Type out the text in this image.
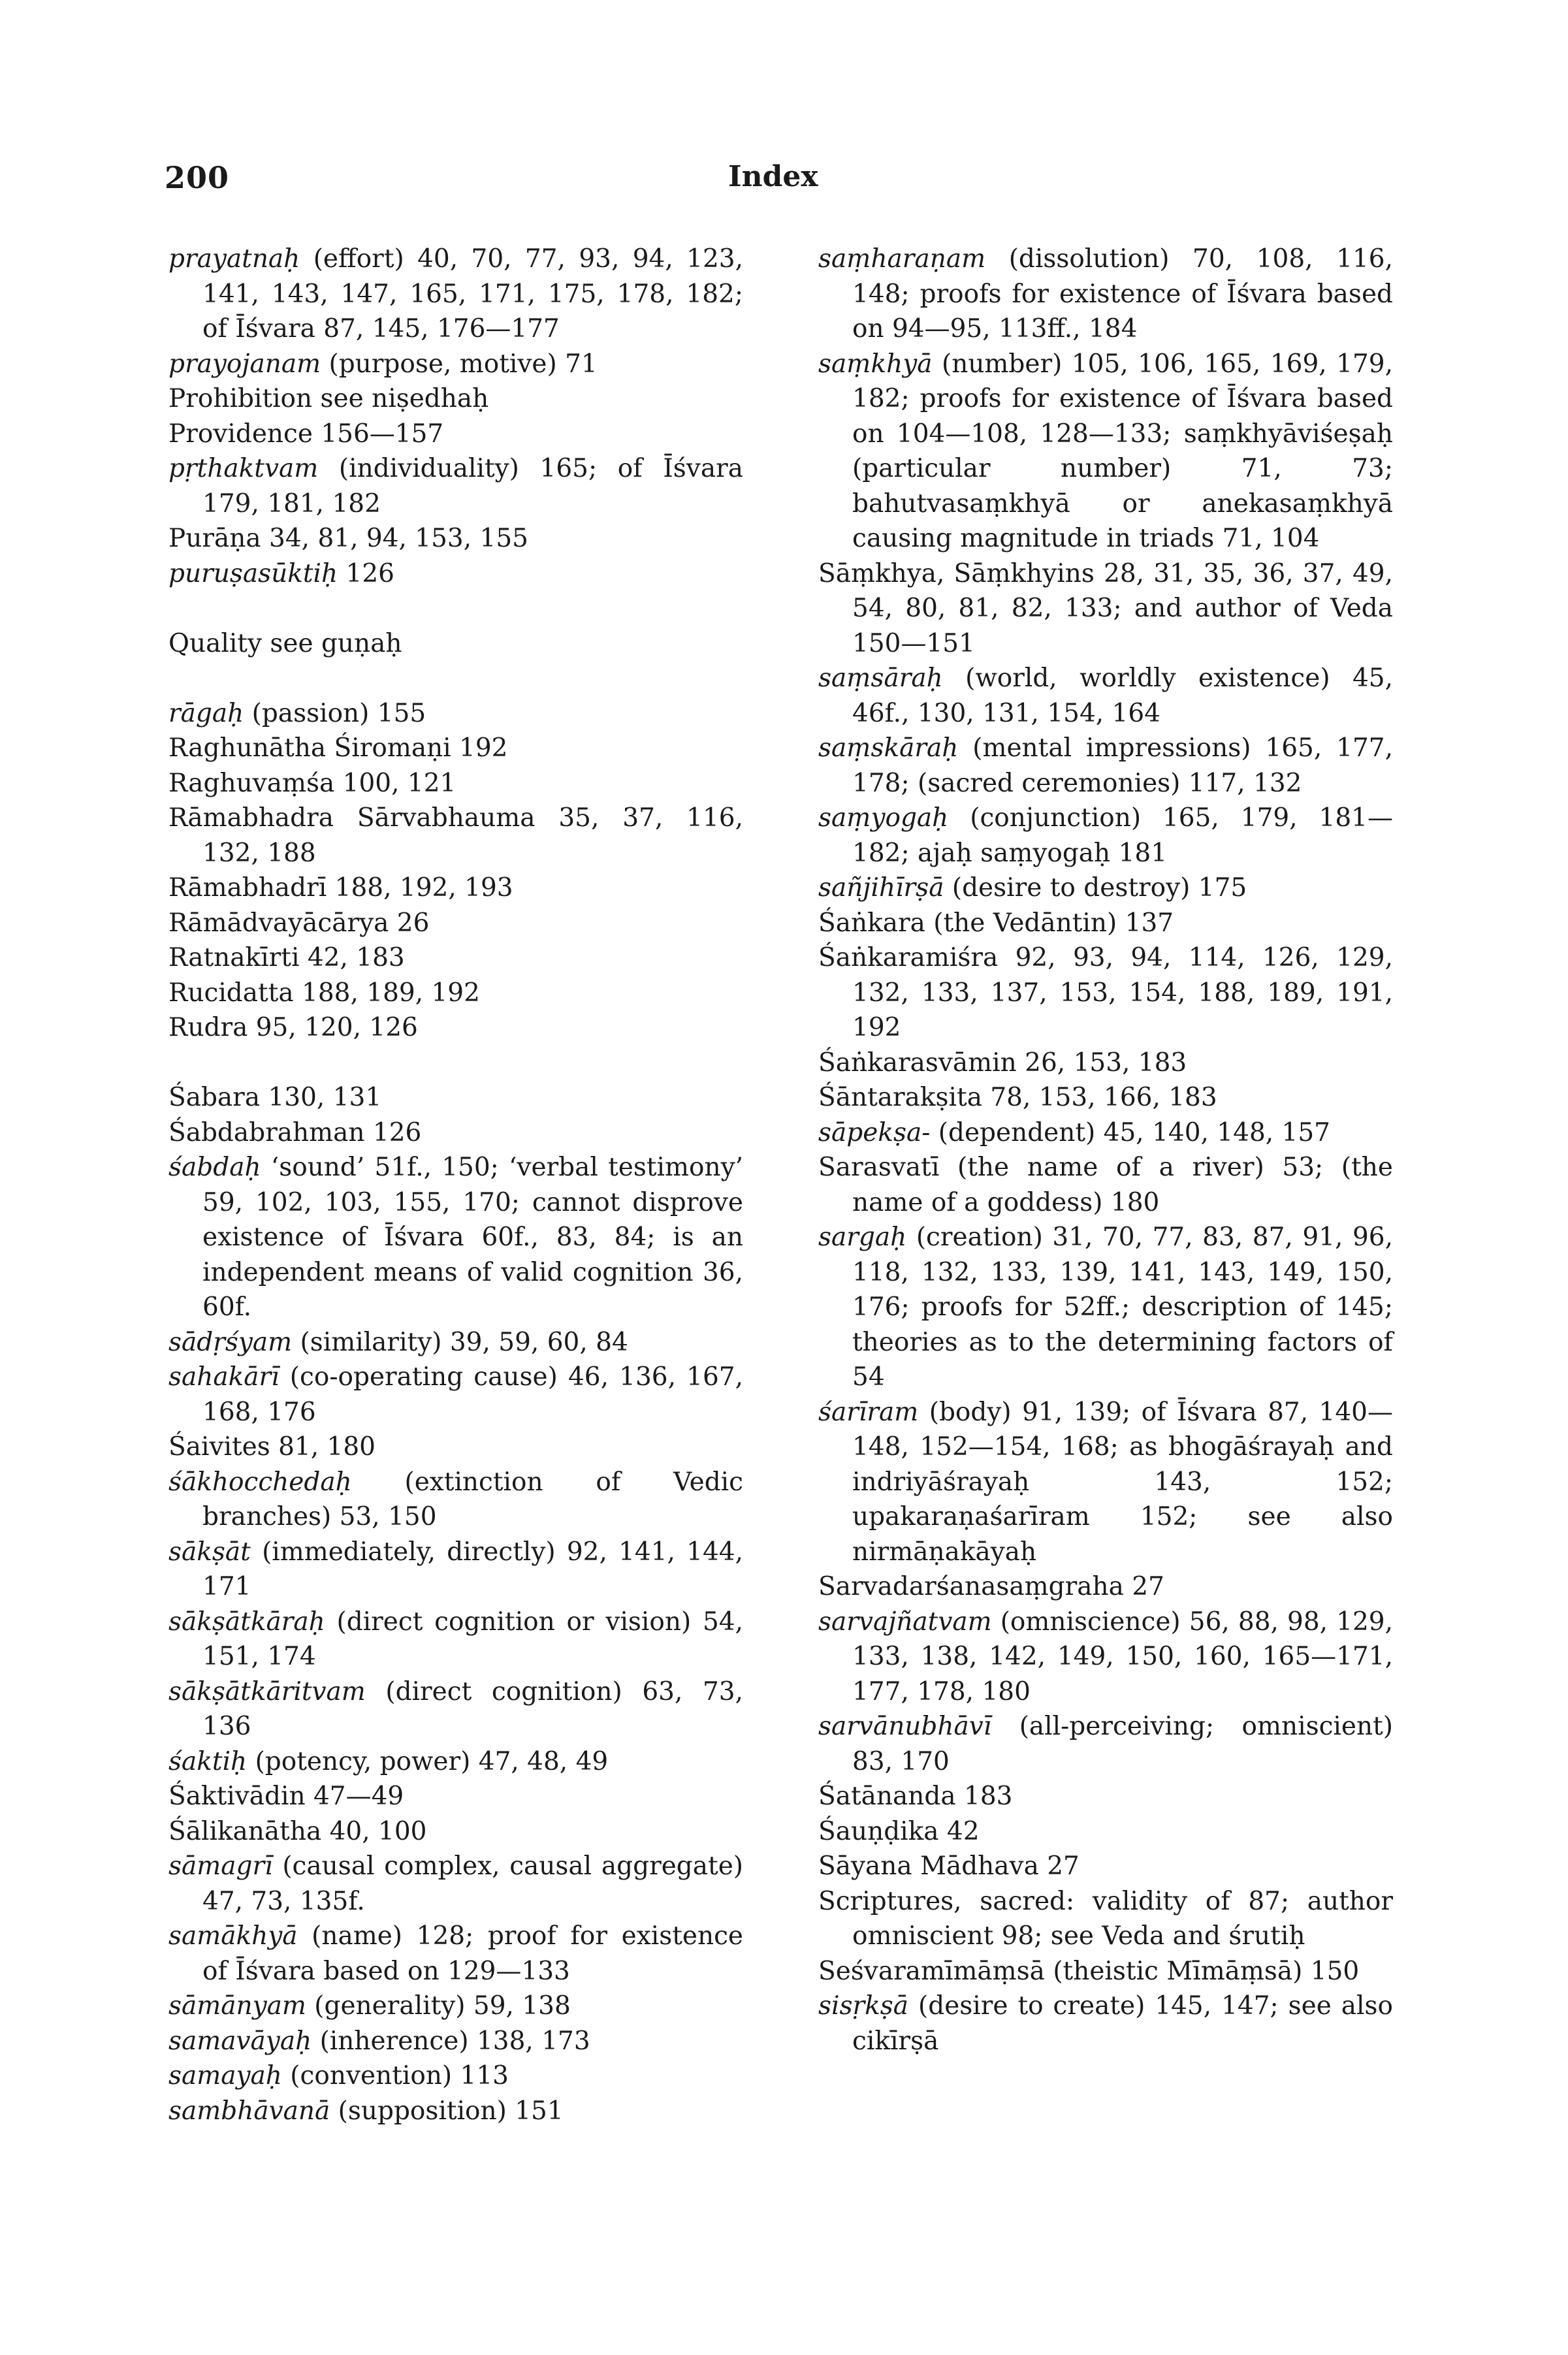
200	Index

prayatnaḥ (effort) 40, 70, 77, 93, 94, 123, 141, 143, 147, 165, 171, 175, 178, 182; of Īśvara 87, 145, 176—177

prayojanam (purpose, motive) 71

Prohibition see niṣedhaḥ

Providence 156—157

pṛthaktvam (individuality) 165; of Īśvara 179, 181, 182

Purāṇa 34, 81, 94, 153, 155

puruṣasūktiḥ 126

Quality see guṇaḥ

rāgaḥ (passion) 155

Raghunātha Śiromaṇi 192

Raghuvaṃśa 100, 121

Rāmabhadra Sārvabhauma 35, 37, 116, 132, 188

Rāmabhadrī 188, 192, 193

Rāmādvayācārya 26

Ratnakīrti 42, 183

Rucidatta 188, 189, 192

Rudra 95, 120, 126

Śabara 130, 131

Śabdabrahman 126

śabdaḥ ‘sound’ 51f., 150; ‘verbal testimony’ 59, 102, 103, 155, 170; cannot disprove existence of Īśvara 60f., 83, 84; is an independent means of valid cognition 36, 60f.

sādṛśyam (similarity) 39, 59, 60, 84

sahakārī (co-operating cause) 46, 136, 167, 168, 176

Śaivites 81, 180

śākhocchedaḥ (extinction of Vedic branches) 53, 150

sākṣāt (immediately, directly) 92, 141, 144, 171

sākṣātkāraḥ (direct cognition or vision) 54, 151, 174

sākṣātkāritvam (direct cognition) 63, 73, 136

śaktiḥ (potency, power) 47, 48, 49

Śaktivādin 47—49

Śālikanātha 40, 100

sāmagrī (causal complex, causal aggregate) 47, 73, 135f.

samākhyā (name) 128; proof for existence of Īśvara based on 129—133

sāmānyam (generality) 59, 138

samavāyaḥ (inherence) 138, 173

samayaḥ (convention) 113

sambhāvanā (supposition) 151

saṃharaṇam (dissolution) 70, 108, 116, 148; proofs for existence of Īśvara based on 94—95, 113ff., 184

saṃkhyā (number) 105, 106, 165, 169, 179, 182; proofs for existence of Īśvara based on 104—108, 128—133; saṃkhyāviśeṣaḥ (particular number) 71, 73; bahutvasaṃkhyā or anekasaṃkhyā causing magnitude in triads 71, 104

Sāṃkhya, Sāṃkhyins 28, 31, 35, 36, 37, 49, 54, 80, 81, 82, 133; and author of Veda 150—151

saṃsāraḥ (world, worldly existence) 45, 46f., 130, 131, 154, 164

saṃskāraḥ (mental impressions) 165, 177, 178; (sacred ceremonies) 117, 132

saṃyogaḥ (conjunction) 165, 179, 181—182; ajaḥ saṃyogaḥ 181

sañjihīrṣā (desire to destroy) 175

Śaṅkara (the Vedāntin) 137

Śaṅkaramiśra 92, 93, 94, 114, 126, 129, 132, 133, 137, 153, 154, 188, 189, 191, 192

Śaṅkarasvāmin 26, 153, 183

Śāntarakṣita 78, 153, 166, 183

sāpekṣa- (dependent) 45, 140, 148, 157

Sarasvatī (the name of a river) 53; (the name of a goddess) 180

sargaḥ (creation) 31, 70, 77, 83, 87, 91, 96, 118, 132, 133, 139, 141, 143, 149, 150, 176; proofs for 52ff.; description of 145; theories as to the determining factors of 54

śarīram (body) 91, 139; of Īśvara 87, 140—148, 152—154, 168; as bhogāśrayaḥ and indriyāśrayaḥ 143, 152; upakaraṇaśarīram 152; see also nirmāṇakāyaḥ

Sarvadarśanasaṃgraha 27

sarvajñatvam (omniscience) 56, 88, 98, 129, 133, 138, 142, 149, 150, 160, 165—171, 177, 178, 180

sarvānubhāvī (all-perceiving; omniscient) 83, 170

Śatānanda 183

Śauṇḍika 42

Sāyana Mādhava 27

Scriptures, sacred: validity of 87; author omniscient 98; see Veda and śrutiḥ

Seśvaramīmāṃsā (theistic Mīmāṃsā) 150

sisṛkṣā (desire to create) 145, 147; see also cikīrṣā
